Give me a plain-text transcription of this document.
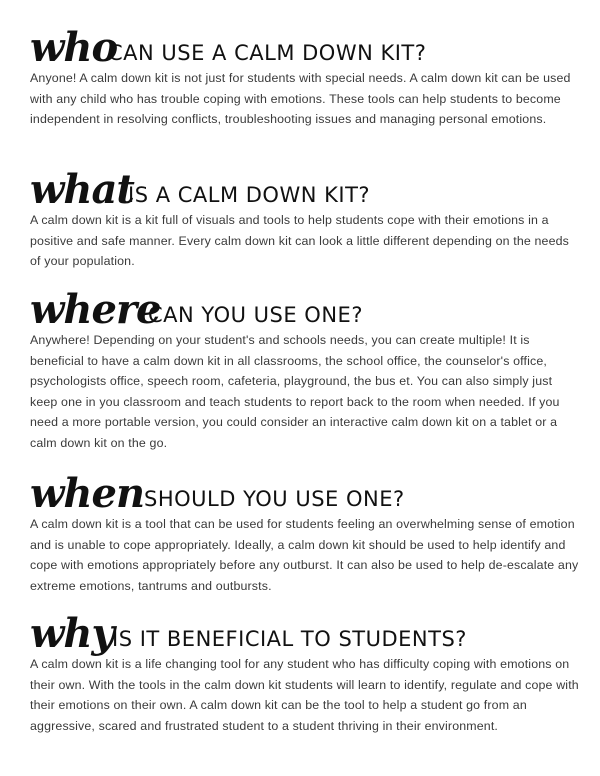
who
CAN USE A CALM DOWN KIT?

Anyone! A calm down kit is not just for students with special needs. A calm down kit can be used with any child who has trouble coping with emotions. These tools can help students to become independent in resolving conflicts, troubleshooting issues and managing personal emotions.

what
IS A CALM DOWN KIT?

A calm down kit is a kit full of visuals and tools to help students cope with their emotions in a positive and safe manner. Every calm down kit can look a little different depending on the needs of your population.

where
CAN YOU USE ONE?

Anywhere! Depending on your student's and schools needs, you can create multiple! It is beneficial to have a calm down kit in all classrooms, the school office, the counselor's office, psychologists office, speech room, cafeteria, playground, the bus et. You can also simply just keep one in you classroom and teach students to report back to the room when needed. If you need a more portable version, you could consider an interactive calm down kit on a tablet or a calm down kit on the go.

when SHOULD YOU USE ONE?

A calm down kit is a tool that can be used for students feeling an overwhelming sense of emotion and is unable to cope appropriately. Ideally, a calm down kit should be used to help identify and cope with emotions appropriately before any outburst. It can also be used to help de-escalate any extreme emotions, tantrums and outbursts.

why
IS IT BENEFICIAL TO STUDENTS?

A calm down kit is a life changing tool for any student who has difficulty coping with emotions on their own. With the tools in the calm down kit students will learn to identify, regulate and cope with their emotions on their own. A calm down kit can be the tool to help a student go from an aggressive, scared and frustrated student to a student thriving in their environment.
